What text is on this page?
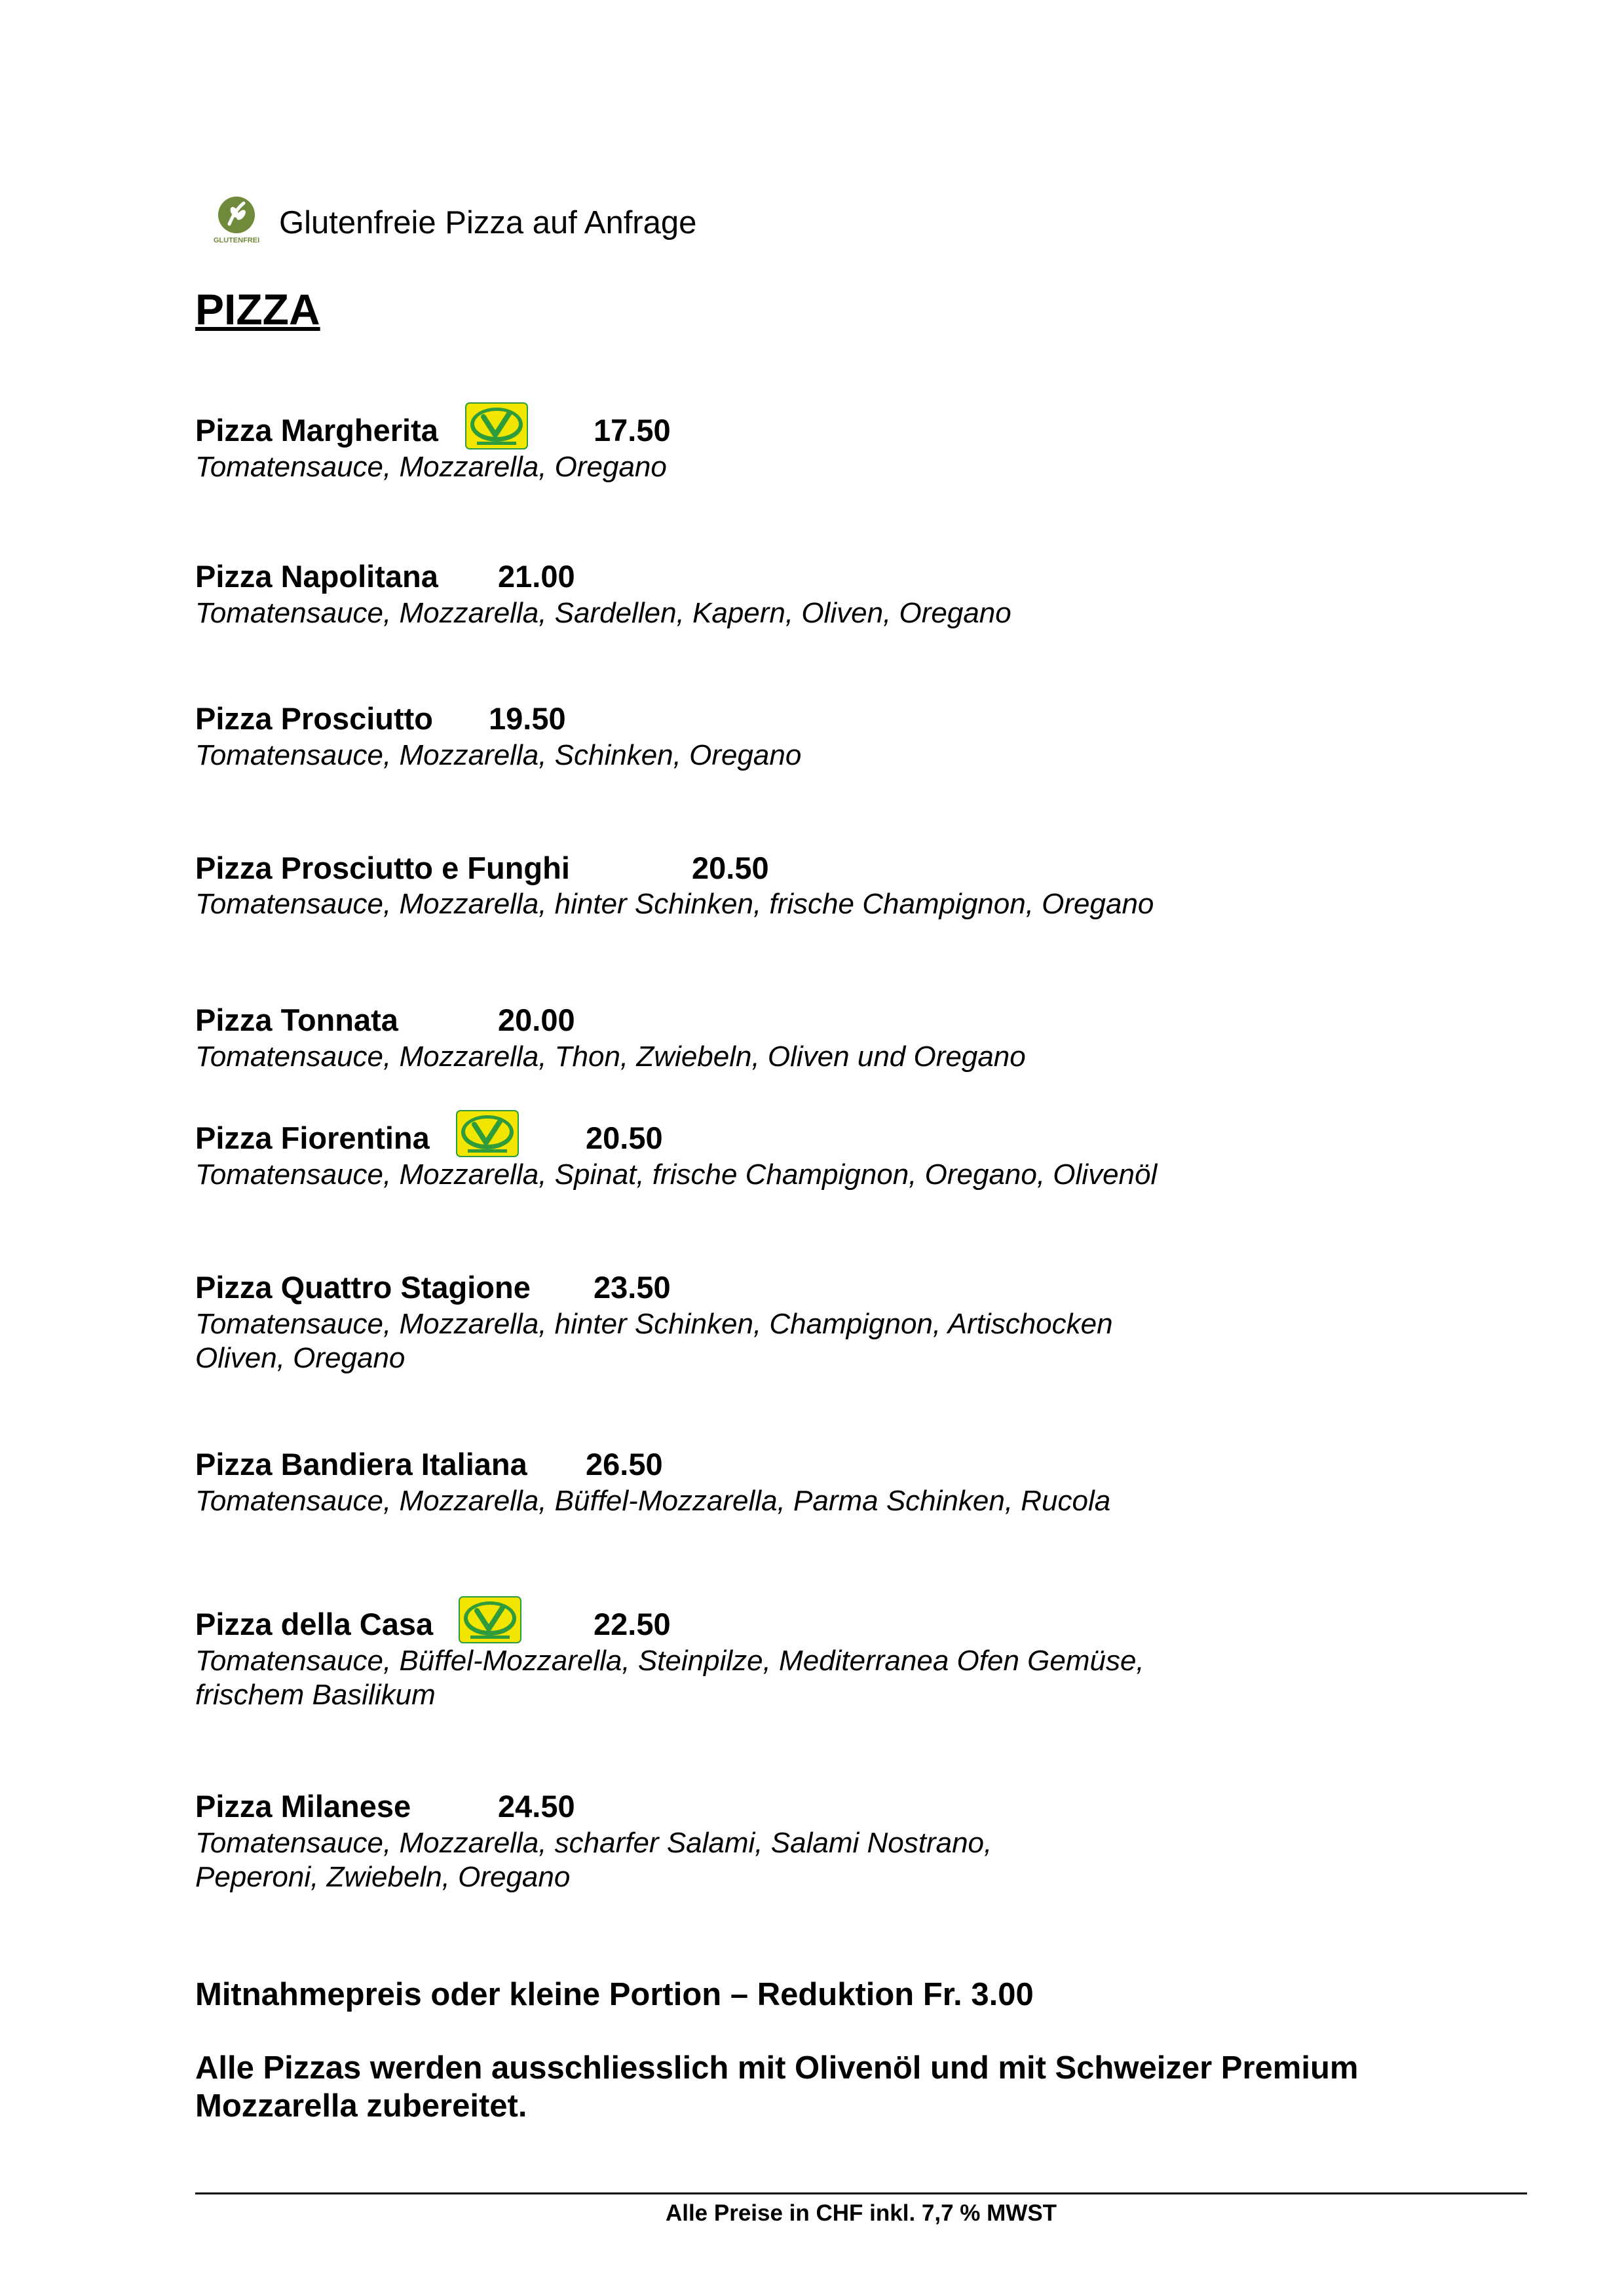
GLUTENFREI Glutenfreie Pizza auf Anfrage
PIZZA
Pizza Margherita	17.50
Tomatensauce, Mozzarella, Oregano
Pizza Napolitana 21.00
Tomatensauce, Mozzarella, Sardellen, Kapern, Oliven, Oregano
Pizza Prosciutto 19.50
Tomatensauce, Mozzarella, Schinken, Oregano
Pizza Prosciutto e Funghi	20.50
Tomatensauce, Mozzarella, hinter Schinken, frische Champignon, Oregano
Pizza Tonnata	20.00
Tomatensauce, Mozzarella, Thon, Zwiebeln, Oliven und Oregano
Pizza Fiorentina	20.50
Tomatensauce, Mozzarella, Spinat, frische Champignon, Oregano, Olivenöl
Pizza Quattro Stagione 23.50
Tomatensauce, Mozzarella, hinter Schinken, Champignon, Artischocken
Oliven, Oregano
Pizza Bandiera Italiana 26.50
Tomatensauce, Mozzarella, Büffel-Mozzarella, Parma Schinken, Rucola
Pizza della Casa	22.50
Tomatensauce, Büffel-Mozzarella, Steinpilze, Mediterranea Ofen Gemüse,
frischem Basilikum
Pizza Milanese	24.50
Tomatensauce, Mozzarella, scharfer Salami, Salami Nostrano,
Peperoni, Zwiebeln, Oregano
Mitnahmepreis oder kleine Portion – Reduktion Fr. 3.00
Alle Pizzas werden ausschliesslich mit Olivenöl und mit Schweizer Premium
Mozzarella zubereitet.
Alle Preise in CHF inkl. 7,7 % MWST
